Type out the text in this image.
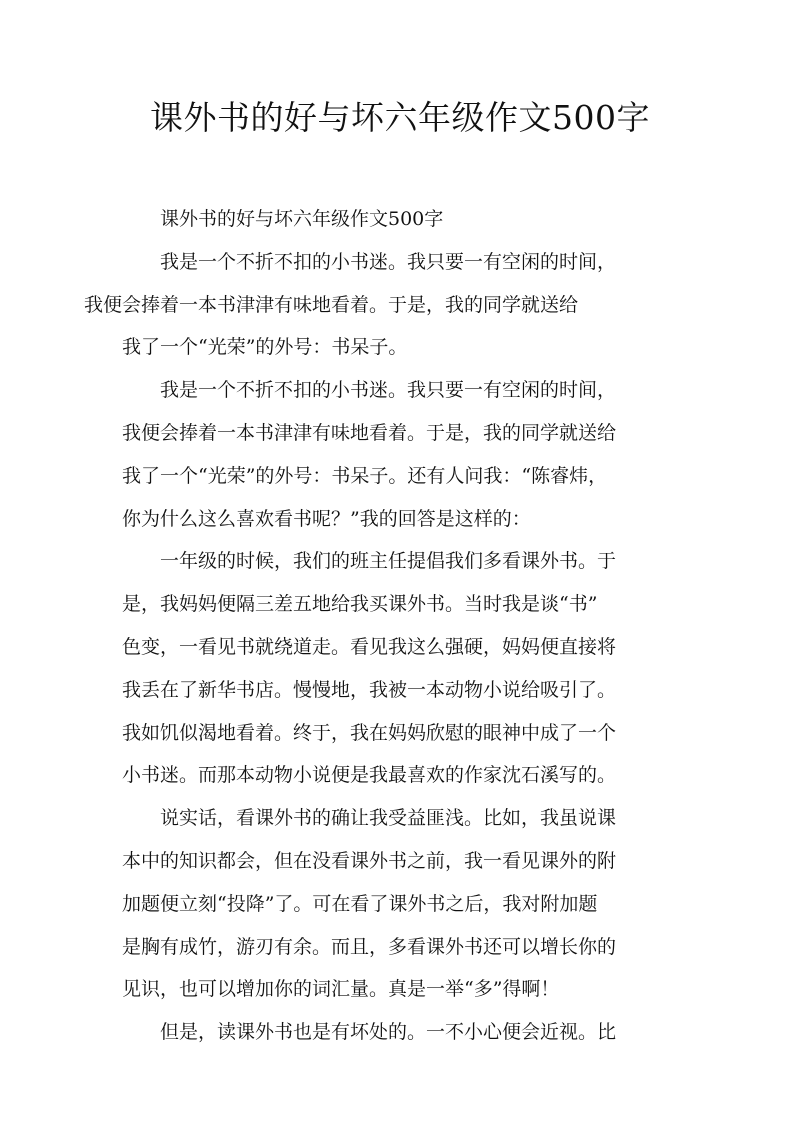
课外书的好与坏六年级作文500字

课外书的好与坏六年级作文500字

我是一个不折不扣的小书迷。我只要一有空闲的时间，
我便会捧着一本书津津有味地看着。于是，我的同学就送给
我了一个“光荣”的外号：书呆子。

我是一个不折不扣的小书迷。我只要一有空闲的时间，
我便会捧着一本书津津有味地看着。于是，我的同学就送给
我了一个“光荣”的外号：书呆子。还有人问我：“陈睿炜，
你为什么这么喜欢看书呢？”我的回答是这样的：

一年级的时候，我们的班主任提倡我们多看课外书。于
是，我妈妈便隔三差五地给我买课外书。当时我是谈“书”
色变，一看见书就绕道走。看见我这么强硬，妈妈便直接将
我丢在了新华书店。慢慢地，我被一本动物小说给吸引了。
我如饥似渴地看着。终于，我在妈妈欣慰的眼神中成了一个
小书迷。而那本动物小说便是我最喜欢的作家沈石溪写的。

说实话，看课外书的确让我受益匪浅。比如，我虽说课
本中的知识都会，但在没看课外书之前，我一看见课外的附
加题便立刻“投降”了。可在看了课外书之后，我对附加题
是胸有成竹，游刃有余。而且，多看课外书还可以增长你的
见识，也可以增加你的词汇量。真是一举“多”得啊！

但是，读课外书也是有坏处的。一不小心便会近视。比
